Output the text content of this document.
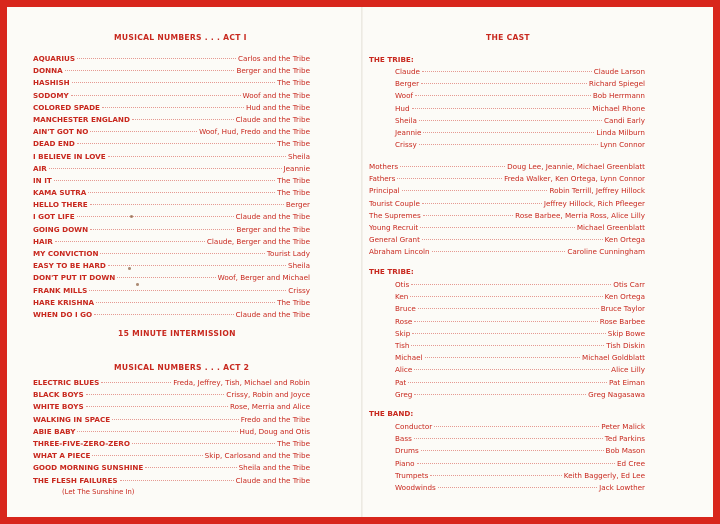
MUSICAL NUMBERS . . . ACT I
AQUARIUS	Carlos and the Tribe
DONNA	Berger and the Tribe
HASHISH	The Tribe
SODOMY	Woof and the Tribe
COLORED SPADE	Hud and the Tribe
MANCHESTER ENGLAND	Claude and the Tribe
AIN'T GOT NO	Woof, Hud, Fredo and the Tribe
DEAD END	The Tribe
I BELIEVE IN LOVE	Sheila
AIR	Jeannie
IN IT	The Tribe
KAMA SUTRA	The Tribe
HELLO THERE	Berger
I GOT LIFE	Claude and the Tribe
GOING DOWN	Berger and the Tribe
HAIR	Claude, Berger and the Tribe
MY CONVICTION	Tourist Lady
EASY TO BE HARD	Sheila
DON'T PUT IT DOWN	Woof, Berger and Michael
FRANK MILLS	Crissy
HARE KRISHNA	The Tribe
WHEN DO I GO	Claude and the Tribe
15 MINUTE INTERMISSION
MUSICAL NUMBERS . . . ACT 2
ELECTRIC BLUES	Freda, Jeffrey, Tish, Michael and Robin
BLACK BOYS	Crissy, Robin and Joyce
WHITE BOYS	Rose, Merria and Alice
WALKING IN SPACE	Fredo and the Tribe
ABIE BABY	Hud, Doug and Otis
THREE-FIVE-ZERO-ZERO	The Tribe
WHAT A PIECE	Skip, Carlosand and the Tribe
GOOD MORNING SUNSHINE	Sheila and the Tribe
THE FLESH FAILURES	Claude and the Tribe
(Let The Sunshine In)
THE CAST
THE TRIBE:
Claude	Claude Larson
Berger	Richard Spiegel
Woof	Bob Herrmann
Hud	Michael Rhone
Sheila	Candi Early
Jeannie	Linda Milburn
Crissy	Lynn Connor
Mothers	Doug Lee, Jeannie, Michael Greenblatt
Fathers	Freda Walker, Ken Ortega, Lynn Connor
Principal	Robin Terrill, Jeffrey Hillock
Tourist Couple	Jeffrey Hillock, Rich Pfleeger
The Supremes	Rose Barbee, Merria Ross, Alice Lilly
Young Recruit	Michael Greenblatt
General Grant	Ken Ortega
Abraham Lincoln	Caroline Cunningham
THE TRIBE:
Otis	Otis Carr
Ken	Ken Ortega
Bruce	Bruce Taylor
Rose	Rose Barbee
Skip	Skip Bowe
Tish	Tish Diskin
Michael	Michael Goldblatt
Alice	Alice Lilly
Pat	Pat Eiman
Greg	Greg Nagasawa
THE BAND:
Conductor	Peter Malick
Bass	Ted Parkins
Drums	Bob Mason
Piano	Ed Cree
Trumpets	Keith Baggerly, Ed Lee
Woodwinds	Jack Lowther
